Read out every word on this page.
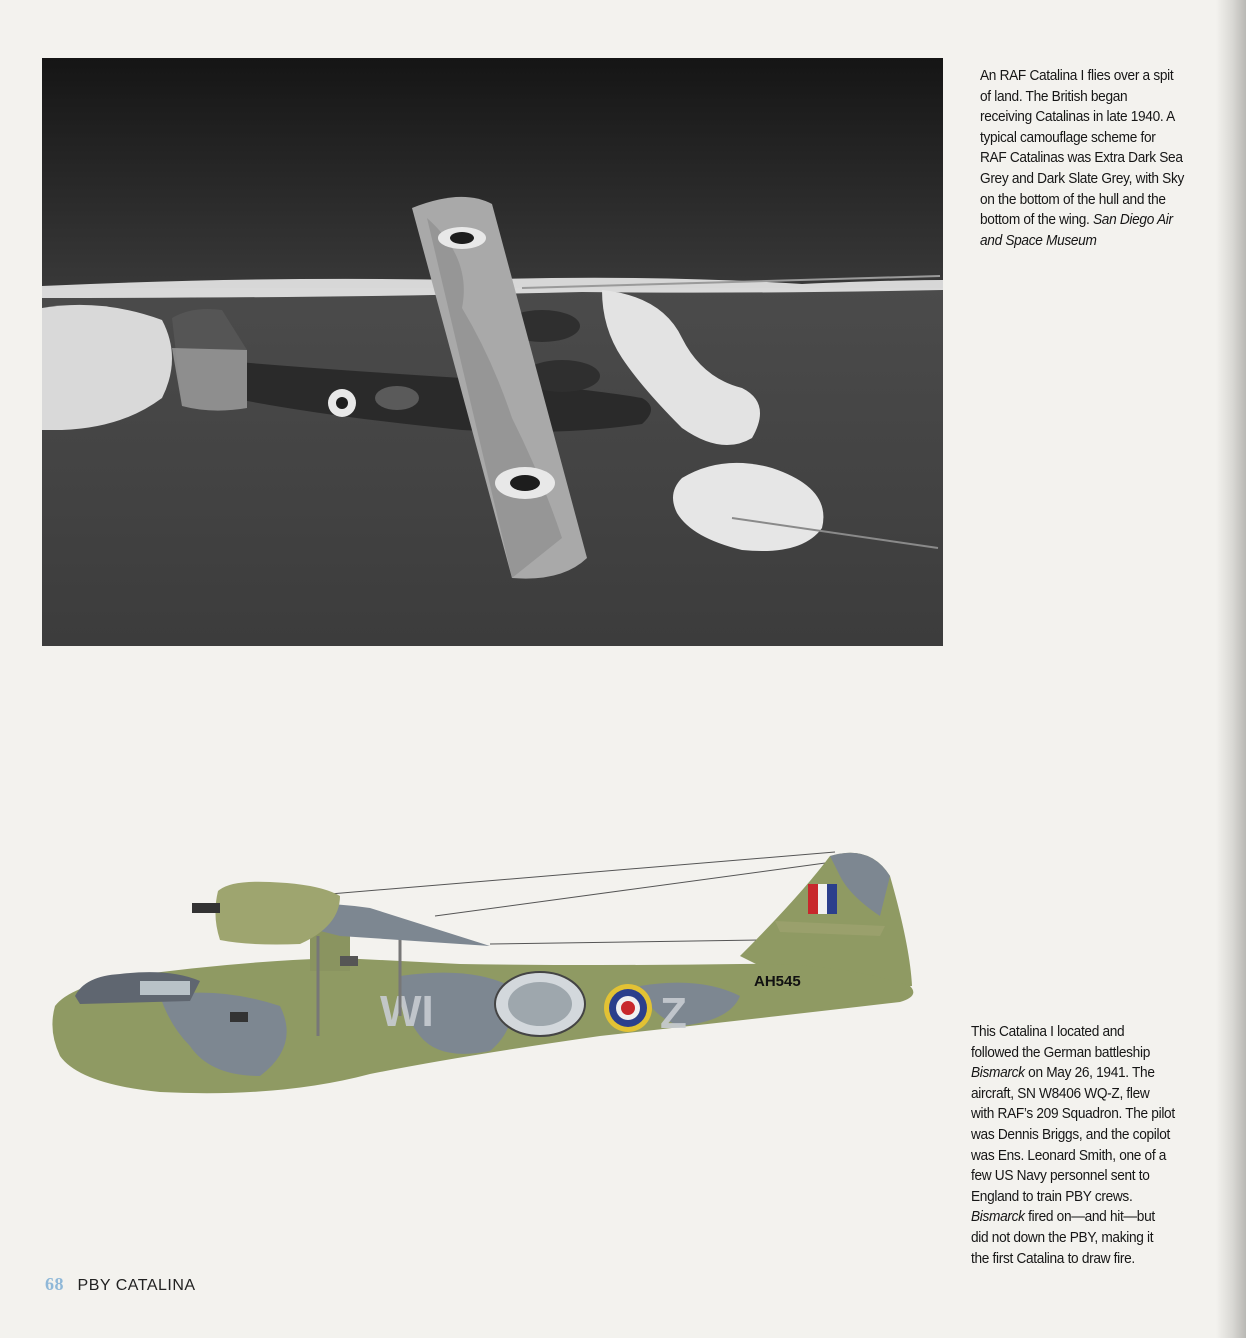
An RAF Catalina I flies over a spit
of land. The British began
receiving Catalinas in late 1940. A
typical camouflage scheme for
RAF Catalinas was Extra Dark Sea
Grey and Dark Slate Grey, with Sky
on the bottom of the hull and the
bottom of the wing. San Diego Air
and Space Museum
WI	Z
AH545
This Catalina I located and
followed the German battleship
Bismarck on May 26, 1941. The
aircraft, SN W8406 WQ-Z, flew
with RAF’s 209 Squadron. The pilot
was Dennis Briggs, and the copilot
was Ens. Leonard Smith, one of a
few US Navy personnel sent to
England to train PBY crews.
Bismarck fired on—and hit—but
did not down the PBY, making it
the first Catalina to draw fire.
68 PBY CATALINA
